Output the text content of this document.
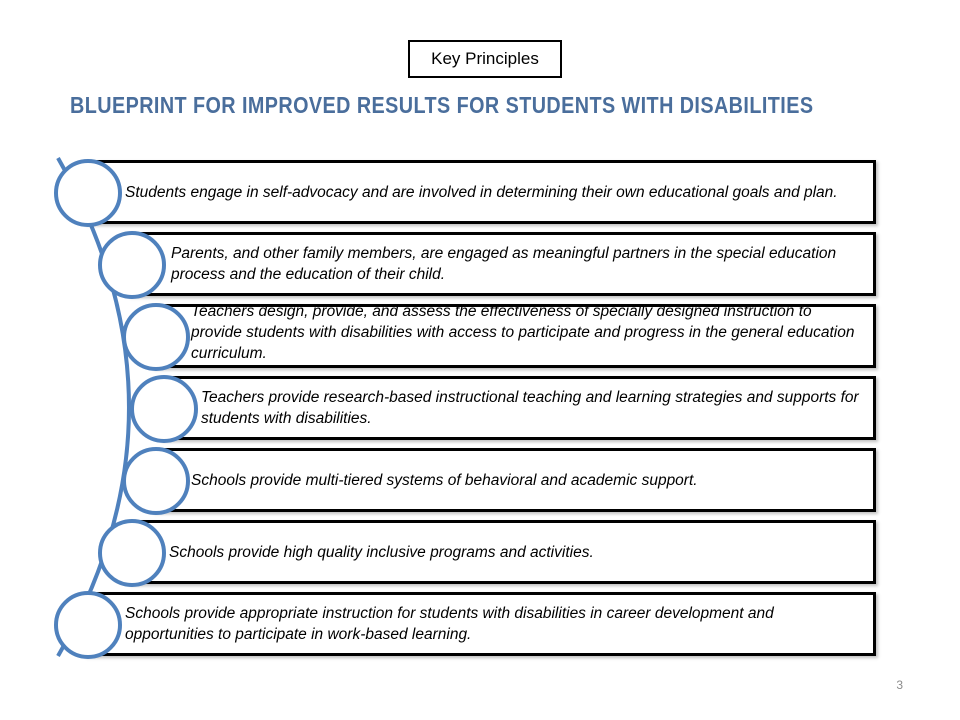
Key Principles
BLUEPRINT FOR IMPROVED RESULTS FOR STUDENTS WITH DISABILITIES
Students engage in self-advocacy and are involved in determining their own educational goals and plan.
Parents, and other family members, are engaged as meaningful partners in the special education process and the education of their child.
Teachers design, provide, and assess the effectiveness of specially designed instruction to provide students with disabilities with access to participate and progress in the general education curriculum.
Teachers provide research-based instructional teaching and learning strategies and supports for students with disabilities.
Schools provide multi-tiered systems of behavioral and academic support.
Schools provide high quality inclusive programs and activities.
Schools provide appropriate instruction for students with disabilities in career development and opportunities to participate in work-based learning.
3
